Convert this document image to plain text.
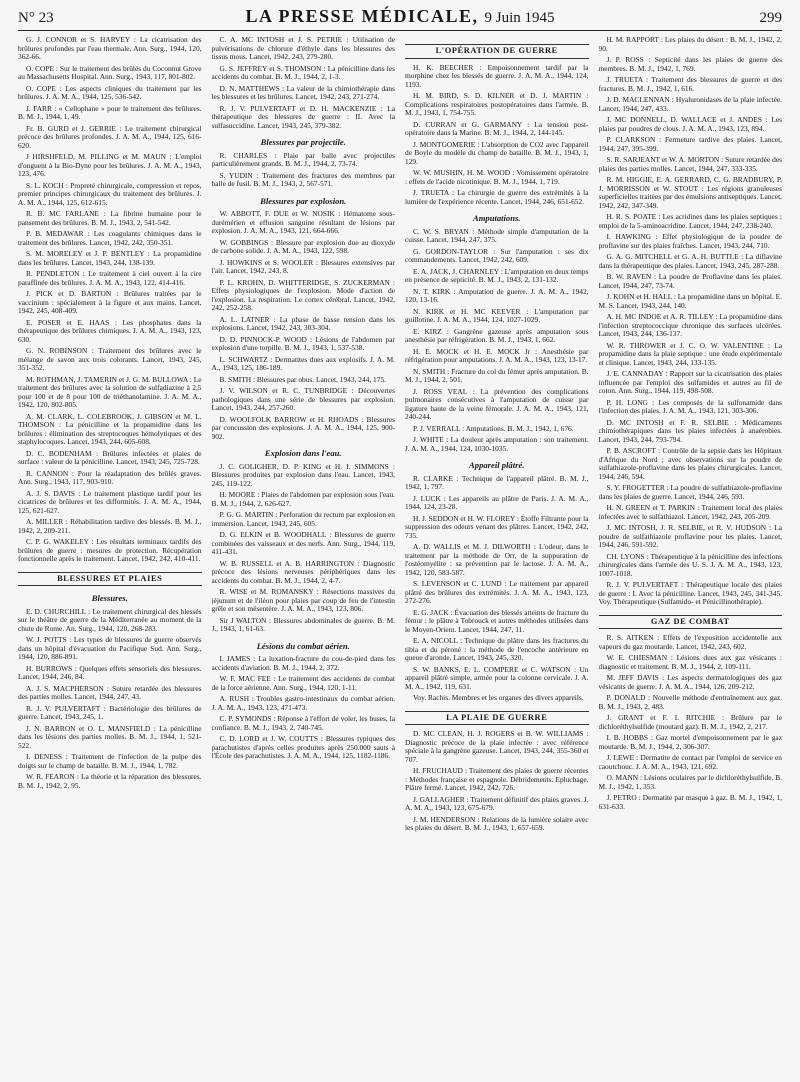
N° 23	LA PRESSE MÉDICALE, 9 Juin 1945	299
G. J. CONNOR et S. HARVEY : La cicatrisation des brûlures profondes par l'eau thermale. Ann. Surg., 1944, 120, 362-66.
O. COPE : Sur le traitement des brûlés du Coconnut Grove au Massachusetts Hospital. Ann. Surg., 1943, 117, 801-802.
O. COPE : Les aspects cliniques du traitement par les brûlures. J. A. M. A., 1944, 125, 536-542.
J. FARR : « Cellophane » pour le traitement des brûlures. B. M. J., 1944, 1, 49.
Fr. B. GURD et J. GERRIE : Le traitement chirurgical précoce des brûlures profondes. J. A. M. A., 1944, 125, 616-620.
J HIRSHFELD, M. PILLING et M. MAUN : L'emploi d'onguent à la Bio-Dyne pour les brûlures. J. A. M. A., 1943, 123, 476.
S. L. KOCH : Propreté chirurgicale, compression et repos, premier principes chirurgicaux du traitement des brûlures. J. A. M. A., 1944, 125, 612-615.
R. B. MC FARLANE : La fibrine humaine pour le pansement des brûlures. B. M. J., 1943, 2, 541-542.
P. B. MEDAWAR : Les coagulants chimiques dans le traitement des brûlures. Lancet, 1942, 242, 350-351.
S. M. MORELEY et J. P. BENTLEY : La propamidine dans les brûlures. Lancet, 1943, 244, 138-139.
R. PENDLETON : Le traitement à ciel ouvert à la cire paraffinée des brûlures. J. A. M. A., 1943, 122, 414-416.
J. PICK et D. BARTON : Brûlures traitées par le vaccinium : spécialement à la figure et aux mains. Lancet, 1942, 245, 408-409.
E. POSER et E. HAAS : Les phosphates dans la thérapeutique des brûlures chimiques. J. A. M. A., 1943, 123, 630.
G. N. ROBINSON : Traitement des brûlures avec le mélange de savon aux trois colorants. Lancet, 1943, 245, 351-352.
M. ROTHMAN, J. TAMERIN et J. G. M. BULLOWA : Le traitement des brûlures avec la solution de sulfadiazine à 2,5 pour 100 et de 8 pour 100 de triéthanolamine. J. A. M. A., 1942, 120, 802-805.
A. M. CLARK, L. COLEBROOK, J. GIBSON et M. L. THOMSON : La pénicilline et la propamidine dans les brûlures : élimination des streptocoques hémolytiques et des staphylocoques. Lancet, 1943, 244, 605-608.
D. C. BODENHAM : Brûlures infectées et plaies de surface : valeur de la pénicilline. Lancet, 1943, 245, 725-728.
R. CANNON : Pour la réadaptation des brûlés graves. Ann. Surg., 1943, 117, 903-910.
A. J. S. DAVIS : Le traitement plastique tardif pour les cicatrices de brûlures et les difformités. J. A. M. A., 1944, 125, 621-627.
A. MILLER : Réhabilitation tardive des blessés. B. M. J., 1942, 2, 209-211.
C. P. G. WAKELEY : Les résultats terminaux tardifs des brûlures de guerre : mesures de protection. Récupération fonctionnelle après le traitement. Lancet, 1942, 242, 410-411.
BLESSURES ET PLAIES
Blessures.
E. D. CHURCHILL : Le traitement chirurgical des blessés sur le théâtre de guerre de la Méditerranée au moment de la chute de Rome. An. Surg., 1944, 120, 268-283.
W. J. POTTS : Les types de blessures de guerre observés dans un hôpital d'évacuation du Pacifique Sud. Ann. Surg., 1944, 120, 886-891.
H. BURROWS : Quelques effets sensoriels des blessures. Lancet, 1944, 246, 84.
A. J. S. MACPHERSON : Suture retardée des blessures des parties molles. Lancet, 1944, 247, 43.
R. J. V. PULVERTAFT : Bactériologie des brûlures de guerre. Lancet, 1943, 245, 1.
J. N. BARRON et O. L. MANSFIELD : La pénicilline dans les lésions des parties molles. B. M. J., 1944, 1, 521-522.
I. DENESS : Traitement de l'infection de la pulpe des doigts sur le champ de bataille. B. M. J., 1944, 1, 782.
W. R. FEARON : La théorie et la réparation des blessures. B. M. J., 1942, 2, 95.
C. A. MC INTOSH et J. S. PETRIE : Utilisation de pulvérisations de chlorure d'éthyle dans les blessures des tissus mous. Lancet, 1942, 243, 279-280.
G. S. JEFFREY et S. THOMSON : La pénicilline dans les accidents du combat. B. M. J., 1944, 2, 1-3.
D. N. MATTHEWS : La valeur de la chimiothérapie dans les blessures et les brûlures. Lancet, 1942, 243, 271-274.
R. J. V. PULVERTAFT et D. H. MACKENZIE : La thérapeutique des blessures de guerre : II. Avec la sulfasuccidine. Lancet, 1943, 245, 379-382.
Blessures par projectile.
R. CHARLES : Plaie par balle avec projectiles particulièrement grands. B. M. J., 1944, 2, 73-74.
S. YUDIN : Traitement des fractures des membres par balle de fusil. B. M. J., 1943, 2, 567-571.
Blessures par explosion.
W. ABBOTT, F. DUE et W. NOSIK : Hématome sous-durémérien et effusion sanguine résultant de lésions par explosion. J. A. M. A., 1943, 121, 664-666.
W. GOBBINGS : Blessure par explosion due au dioxyde de carbone solide. J. A. M. A., 1943, 122, 598.
J. HOWKINS et S. WOOLER : Blessures extensives par l'air. Lancet, 1942, 243, 8.
P. L. KROHN, D. WHITTERIDGE, S. ZUCKERMAN : Effets physiologiques de l'explosion. Mode d'action de l'explosion. La respiration. Le cortex cérébral. Lancet, 1942, 242, 252-258.
A. L. LATNER : La phase de basse tension dans les explosions. Lancet, 1942, 243, 303-304.
D. D. PINNOCK-P. WOOD : Lésions de l'abdomen par explosion d'une torpille. B. M. J., 1943, 1, 537-538.
L. SCHWARTZ : Dermatites dues aux explosifs. J. A. M. A., 1943, 125, 186-189.
B. SMITH : Blessures par obus. Lancet, 1943, 244, 175.
J. V. WILSON et R. C. TUNBRIDGE : Découvertes pathologiques dans une série de blessures par explosion. Lancet, 1943, 244, 257-260.
D. WOOLFOLK BARROW et H. RHOADS : Blessures par concussion des explosions. J. A. M. A., 1944, 125, 900-902.
Explosion dans l'eau.
J. C. GOLIGHER, D. P. KING et H. I. SIMMONS : Blessures produites par explosion dans l'eau. Lancet, 1943, 245, 119-122.
H. MOORE : Plaies de l'abdomen par explosion sous l'eau. B. M. J., 1944, 2, 626-627.
P. G. G. MARTIN : Perforation du rectum par explosion en immersion. Lancet, 1943, 245, 605.
D. G. ELKIN et B. WOODHALL : Blessures de guerre combinées des vaisseaux et des nerfs. Ann. Surg., 1944, 119, 411-431.
W. B. RUSSELL et A. B. HARRINGTON : Diagnostic précoce des lésions nerveuses périphériques dans les accidents du combat. B. M. J., 1944, 2, 4-7.
R. WISE et M. ROMANSKY : Résections massives du jéjunum et de l'iléon pour plaies par coup de feu de l'intestin grêle et son mésentère. J. A. M. A., 1943, 123, 806.
Sir J WALTON : Blessures abdominales de guerre. B. M. J., 1943, 1, 61-63.
Lésions du combat aérien.
I. JAMES : La luxation-fracture du cou-de-pied dans les accidents d'aviation. B. M. J., 1944, 2, 372.
W. F. MAC FEE : Le traitement des accidents de combat de la force aérienne. Ann. Surg., 1944, 120, 1-11.
A. RUSH : Troubles gastro-intestinaux du combat aérien. J. A. M. A., 1943, 123, 471-473.
C. P. SYMONDS : Réponse à l'effort de voler, les buses, la confiance. B. M. J., 1943, 2, 740-745.
C. D. LORD et J. W. COUTTS : Blessures typiques des parachutistes d'après celles produites après 250.000 sauts à l'École des parachutistes. J. A. M. A., 1944, 125, 1182-1186.
L'OPÉRATION DE GUERRE
H. K. BEECHER : Empoisonnement tardif par la morphine chez les blessés de guerre. J. A. M. A., 1944, 124, 1193.
H. M. BIRD, S. D. KILNER et D. J. MARTIN : Complications respiratoires postopératoires dans l'armée. B. M. J., 1943, 1, 754-755.
D. CURRAN et G. GARMANY : La tension post-opératoire dans la Marine. B. M. J., 1944, 2, 144-145.
J. MONTGOMERIE : L'absorption de CO2 avec l'appareil de Boyle du modèle du champ de bataille. B. M. J., 1943, 1, 129.
W. W. MUSHIN, H. M. WOOD : Vomissement opératoire : effets de l'acide nicotinique. B. M. J., 1944, 1, 719.
J. TRUETA : La chirurgie de guerre des extrémités à la lumière de l'expérience récente. Lancet, 1944, 246, 651-652.
Amputations.
C. W. S. BRYAN : Méthode simple d'amputation de la cuisse. Lancet, 1944, 247, 375.
G. GORDON-TAYLOR : Sur l'amputation : ses dix commandements. Lancet, 1942, 242, 609.
E. A. JACK, J. CHARNLEY : L'amputation en deux temps en présence de septicité. B. M. J., 1943, 2, 131-132.
N. T. KIRK : Amputation de guerre. J. A. M. A., 1942, 120, 13-16.
N. KIRK et H. MC KEEVER : L'amputation par guillotine. J. A. M. A., 1944, 124, 1027-1029.
E. KIRZ : Gangrène gazeuse après amputation sous anesthésie par réfrigération. B. M. J., 1943, 1, 662.
H. E. MOCK et H. E. MOCK Jr : Anesthésie par réfrigération pour amputations. J. A. M. A., 1943, 123, 13-17.
N. SMITH : Fracture du col du fémur après amputation. B. M. J., 1944, 2, 501.
J. ROSS VEAL : La prévention des complications pulmonaires consécutives à l'amputation de cuisse par ligature haute de la veine fémorale. J. A. M. A., 1943, 121, 240-244.
P. J. VERRALL : Amputations. B. M. J., 1942, 1, 676.
J. WHITE : La douleur après amputation : son traitement. J. A. M. A., 1944, 124, 1030-1035.
Appareil plâtré.
R. CLARKE : Technique de l'appareil plâtré. B. M. J., 1942, 1, 797.
J. LUCK : Les appareils au plâtre de Paris. J. A. M. A., 1944, 124, 23-28.
H. J. SEDDON et H. W. FLOREY : Étoffe Filtrante pour la suppression des odeurs venant des plâtres. Lancet, 1942, 242, 735.
A. D. WALLIS et M. J. DILWORTH : L'odeur, dans le traitement par la méthode de Orr, de la suppuration de l'ostéomyélite : sa prévention par le lactose. J. A. M. A., 1942, 120, 583-587.
S. LEVENSON et C. LUND : Le traitement par appareil plâtré des brûlures des extrémités. J. A. M. A., 1943, 123, 272-276.
E. G. JACK : Évacuation des blessés atteints de fracture du fémur : le plâtre à Tobrouck et autres méthodes utilisées dans le Moyen-Orient. Lancet, 1944, 247, 11.
E. A. NICOLL : Technique du plâtre dans les fractures du tibia et du péroné : la méthode de l'encoche antérieure en queue d'aronde. Lancet, 1943, 245, 320.
S. W. BANKS, E. L. COMPERE et C. WATSON : Un appareil plâtré simple, armée pour la colonne cervicale. J. A. M. A., 1942, 119, 631.
Voy. Rachis. Membres et les organes des divers appareils.
LA PLAIE DE GUERRE
D. MC CLEAN, H. J. ROGERS et B. W. WILLIAMS : Diagnostic précoce de la plaie infectée : avec référence spéciale à la gangrène gazeuse. Lancet, 1943, 244, 355-360 et 707.
H. FRUCHAUD : Traitement des plaies de guerre récentes : Méthodes française et espagnole. Débridements. Epluchage. Plâtre fermé. Lancet, 1942, 242, 726.
J. GALLAGHER : Traitement définitif des plaies graves. J. A. M. A., 1943, 123, 675-679.
J. M. HENDERSON : Relations de la lumière solaire avec les plaies du désert. B. M. J., 1943, 1, 657-659.
H. M. RAPPORT : Les plaies du désert : B. M. J., 1942, 2, 90.
J. P. ROSS : Septicité dans les plaies de guerre des membres. B. M. J., 1942, 1, 769.
J. TRUETA : Traitement des blessures de guerre et des fractures. B. M. J., 1942, 1, 616.
J. D. MACLENNAN : Hyaluronidases de la plaie infectée. Lancet, 1944, 247, 433.
J. MC DONNELL, D. WALLACE et J. ANDES : Les plaies par poudres de clous. J. A. M. A., 1943, 123, 894.
P. CLARKSON : Fermeture tardive des plaies. Lancet, 1944, 247, 395-399.
S. R. SARJEANT et W. A. MORTON : Suture retardée des plaies des parties molles. Lancet, 1944, 247, 333-335.
R. M. HIGGIE, E. A. GERRARD, C. G. BRADBURY, P. J. MORRISSON et W. STOUT : Les régions granuleuses superficielles traitées par des émulsions antiseptiques. Lancet, 1942, 242, 347-349.
H. R. S. POATE : Les acridines dans les plaies septiques ; emploi de la 5-aminoacridine. Lancet, 1944, 247, 238-240.
I. HAWKING : Effet physiologique de la poudre de proflavine sur des plaies fraîches. Lancet, 1943, 244, 710.
G. A. G. MITCHELL et G. A. H. BUTTLE : La diflavine dans la thérapeutique des plaies. Lancet, 1943, 245, 287-288.
B. W. RAVEN : La poudre de Proflavine dans les plaies. Lancet, 1944, 247, 73-74.
J. KOHN et H. HALL : La propamidine dans un hôpital. E. M. S. Lancet, 1943, 244, 140.
A. H. MC INDOE et A. R. TILLEY : La propamidine dans l'infection streptococcique chronique des surfaces ulcérées. Lancet, 1943, 244, 136-137.
W. R. THROWER et J. C. O. W. VALENTINE : La propamidine dans la plaie septique : une étude expérimentale et clinique. Lancet, 1943, 244, 133-135.
J. E. CANNADAY : Rapport sur la cicatrisation des plaies influencée par l'emploi des sulfamides et autres au fil de coton. Ann. Surg., 1944, 119, 498-508.
P. H. LONG : Les composés de la sulfonamide dans l'infection des plaies. J. A. M. A., 1943, 121, 303-306.
D. MC INTOSH et F. R. SELBIE : Médicaments chimiothérapiques dans les plaies infectées à anaérobies. Lancet, 1943, 244, 793-794.
P. B. ASCROFT : Contrôle de la sepsie dans les Hôpitaux d'Afrique du Nord ; avec observations sur la poudre de sulfathiazole-proflavine dans les plaies chirurgicales. Lancet, 1944, 246, 594.
S. Y. FROGETTER : La poudre de sulfathiazole-proflavine dans les plaies de guerre. Lancet, 1944, 246, 593.
H. N. GREEN et T. PARKIN : Traitement local des plaies infectées avec le sulfathiazol. Lancet, 1942, 243, 205-209.
J. MC INTOSH, J. R. SELBIE, et R. V. HUDSON : La poudre de sulfathiazole proflavine pour les plaies. Lancet, 1944, 246, 591-592.
CH. LYONS : Thérapeutique à la pénicilline des infections chirurgicales dans l'armée des U. S. J. A. M. A., 1943, 123, 1007-1018.
R. J. V. PULVERTAFT : Thérapeutique locale des plaies de guerre : I. Avec la pénicilline. Lancet, 1943, 245, 341-345. Voy. Thérapeutique (Sulfamido- et Pénicillinothérapie).
GAZ DE COMBAT
R. S. AITKEN : Effets de l'exposition accidentelle aux vapeurs du gaz moutarde. Lancet, 1942, 243, 602.
W. E. CHIESMAN : Lésions dues aux gaz vésicants : diagnostic et traitement. B. M. J., 1944, 2, 109-111.
M. JEFF DAVIS : Les aspects dermatologiques des gaz vésicants de guerre. J. A. M. A., 1944, 126, 209-212.
P. DONALD : Nouvelle méthode d'entraînement aux gaz. B. M. J., 1943, 2, 483.
J. GRANT et F. I. RITCHIE : Brûlure par le dichloréthylsulfide (moutard gaz). B. M. J., 1942, 2, 217.
I. B. HOBBS : Gaz mortel d'empoisonnement par le gaz moutarde. B. M. J., 1944, 2, 306-307.
J. LEWE : Dermatite de contact par l'emploi de service en caoutchouc. J. A. M. A., 1943, 121, 692.
O. MANN : Lésions oculaires par le dichloréthylsulfide. B. M. J., 1942, 1, 353.
J. PETRO : Dermatite par masque à gaz. B. M. J., 1942, 1, 631-633.
